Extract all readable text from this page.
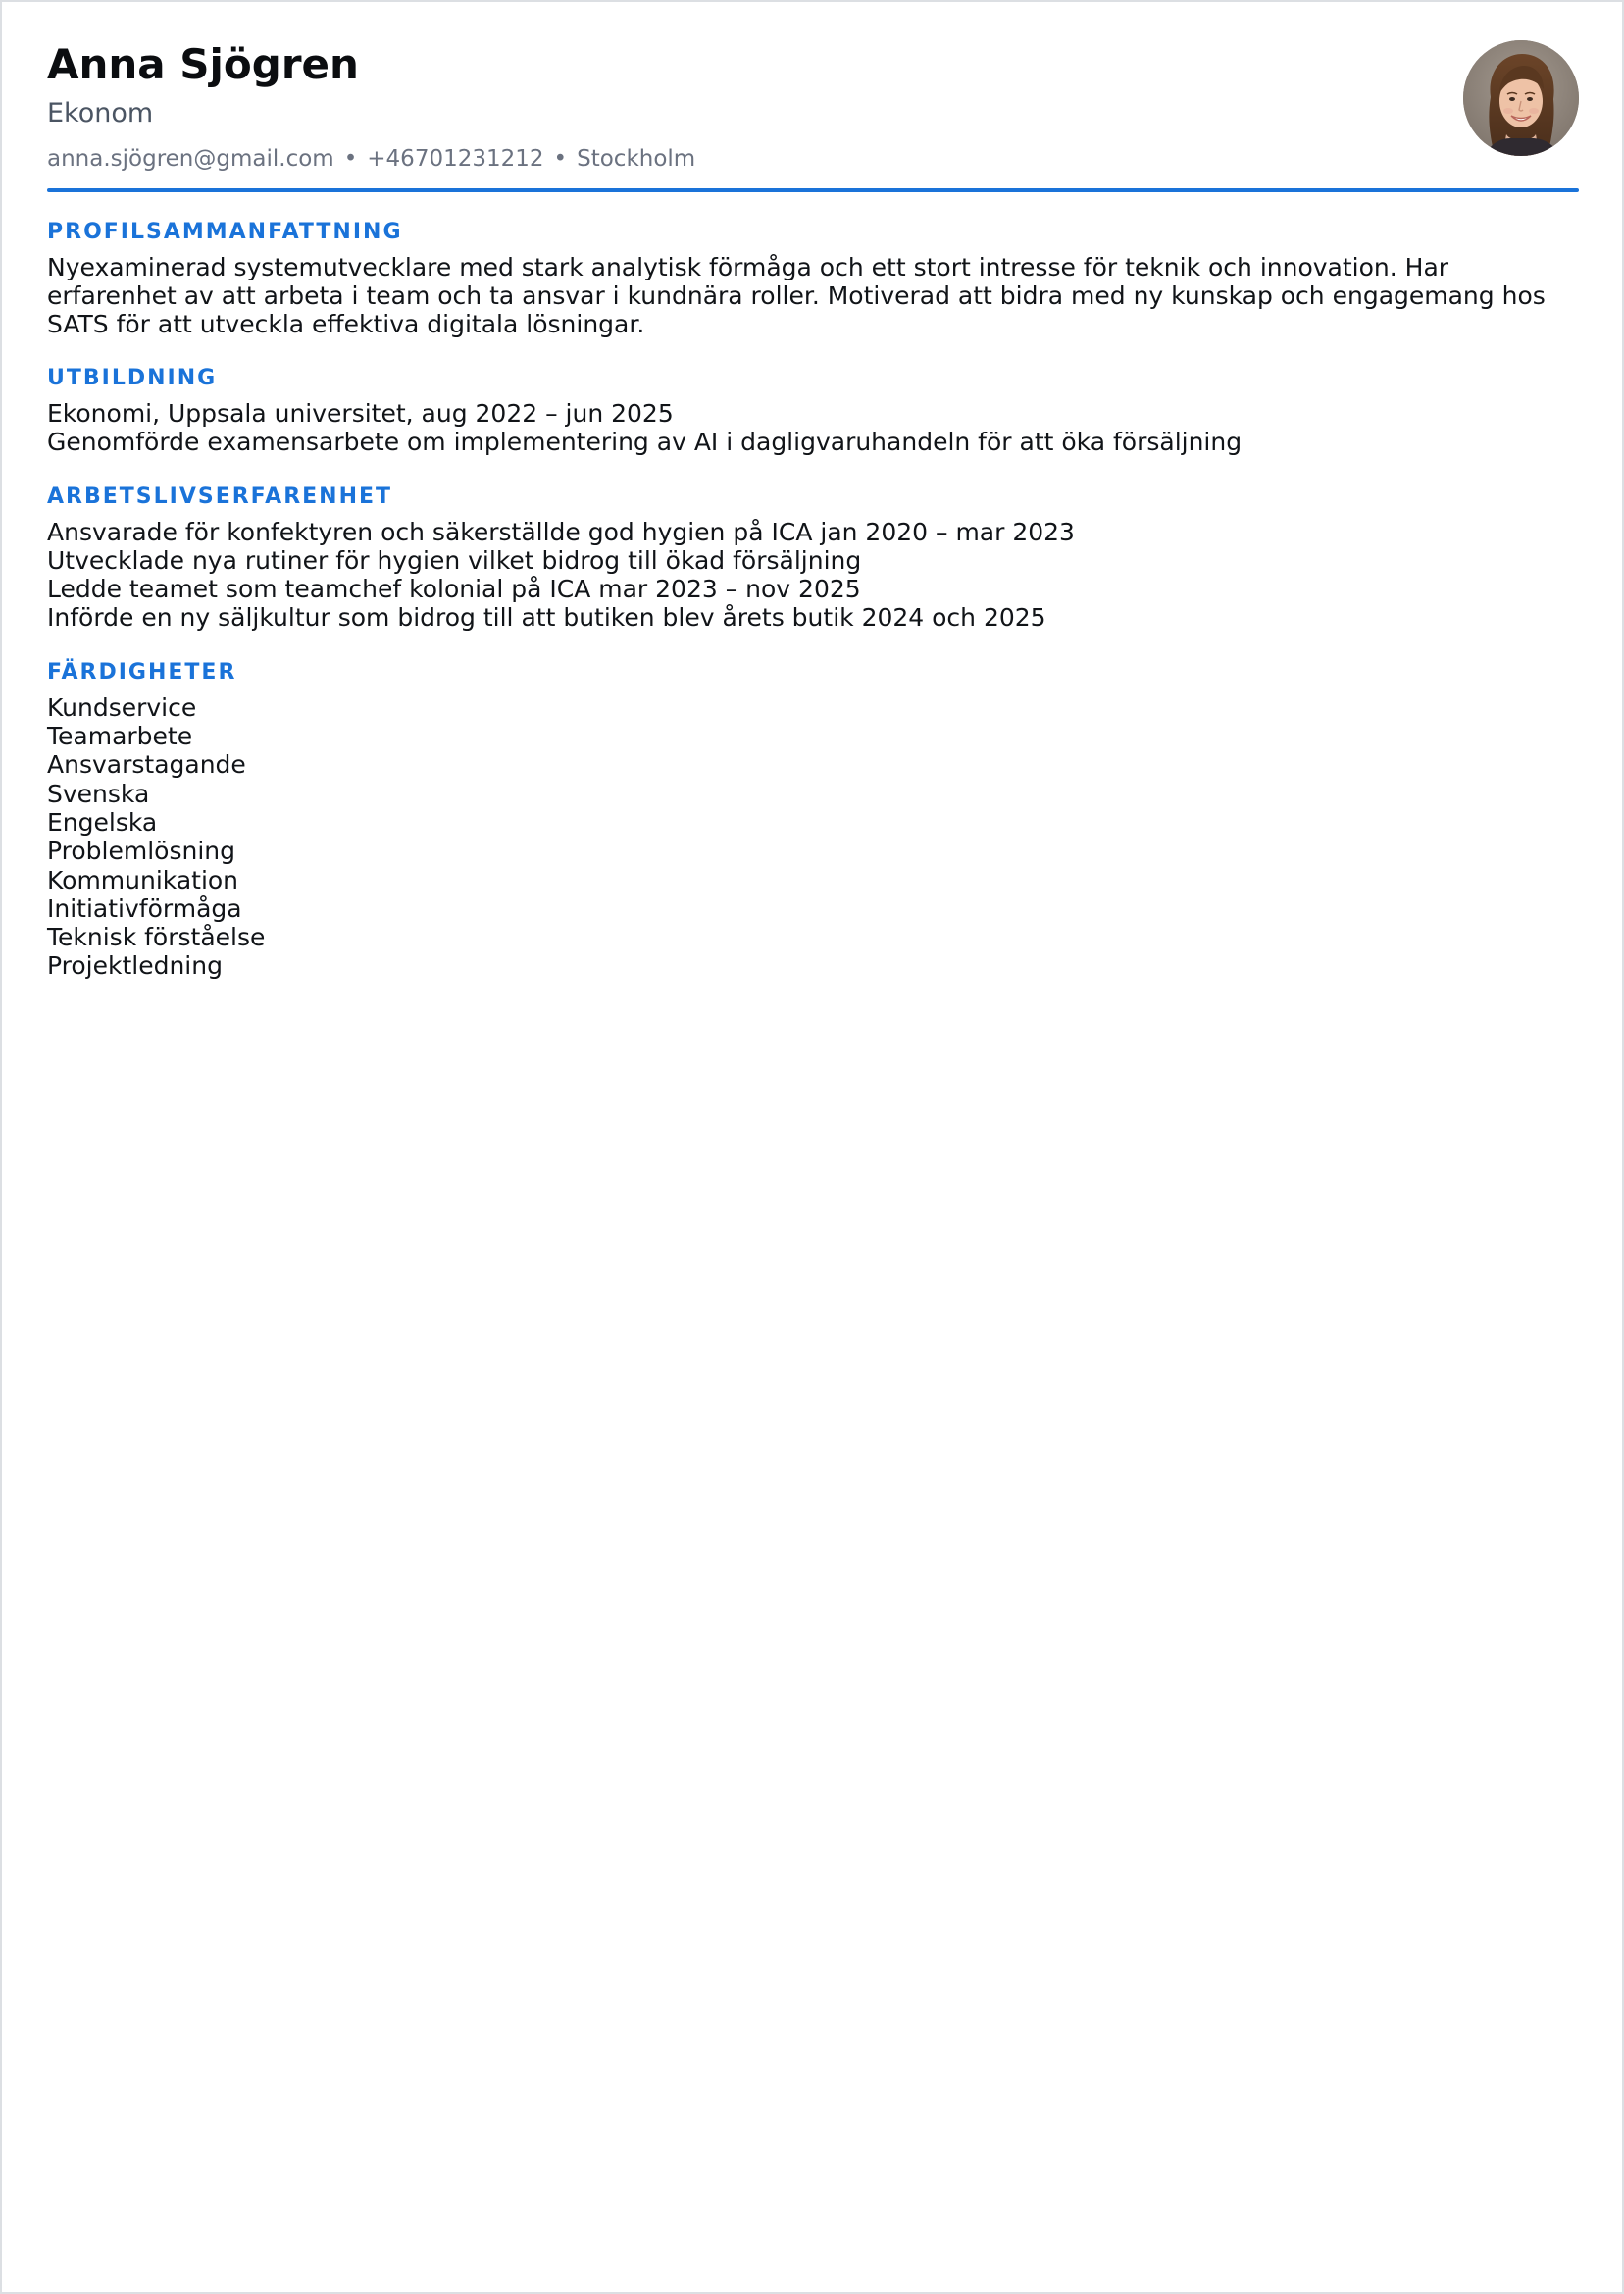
Anna Sjögren
Ekonom
anna.sjögren@gmail.com • +46701231212 • Stockholm
PROFILSAMMANFATTNING
Nyexaminerad systemutvecklare med stark analytisk förmåga och ett stort intresse för teknik och innovation. Har erfarenhet av att arbeta i team och ta ansvar i kundnära roller. Motiverad att bidra med ny kunskap och engagemang hos SATS för att utveckla effektiva digitala lösningar.
UTBILDNING
Ekonomi, Uppsala universitet, aug 2022 – jun 2025
Genomförde examensarbete om implementering av AI i dagligvaruhandeln för att öka försäljning
ARBETSLIVSERFARENHET
Ansvarade för konfektyren och säkerställde god hygien på ICA jan 2020 – mar 2023
Utvecklade nya rutiner för hygien vilket bidrog till ökad försäljning
Ledde teamet som teamchef kolonial på ICA mar 2023 – nov 2025
Införde en ny säljkultur som bidrog till att butiken blev årets butik 2024 och 2025
FÄRDIGHETER
Kundservice
Teamarbete
Ansvarstagande
Svenska
Engelska
Problemlösning
Kommunikation
Initiativförmåga
Teknisk förståelse
Projektledning
